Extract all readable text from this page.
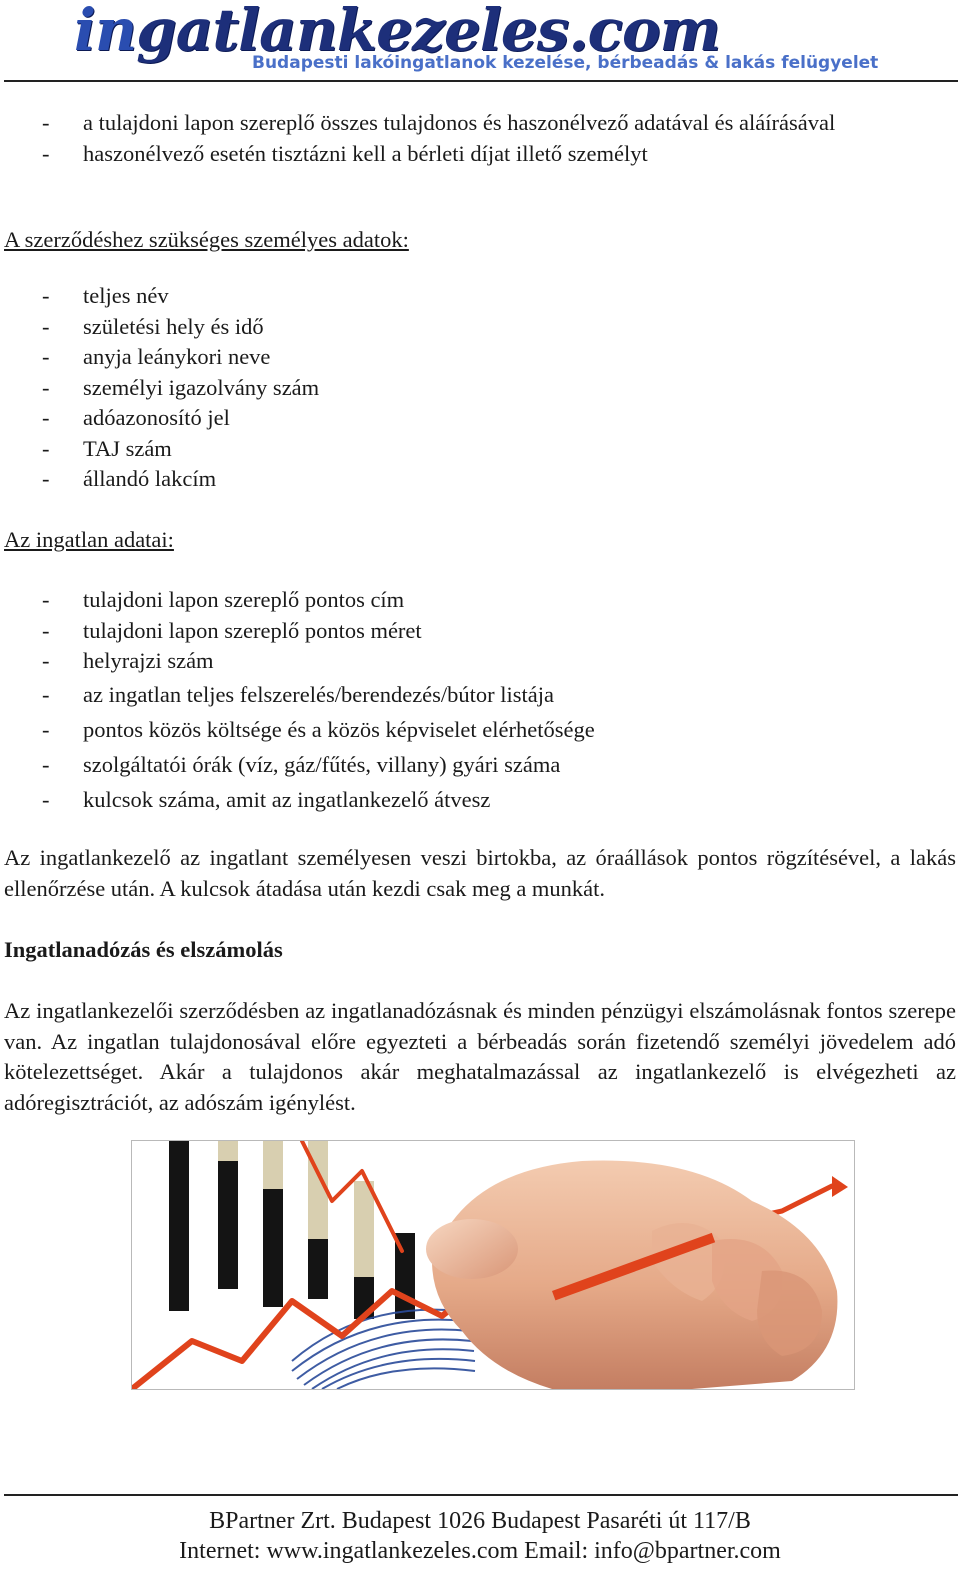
ingatlankezeles.com
Budapesti lakóingatlanok kezelése, bérbeadás & lakás felügyelet
- a tulajdoni lapon szereplő összes tulajdonos és haszonélvező adatával és aláírásával
- haszonélvező esetén tisztázni kell a bérleti díjat illető személyt
A szerződéshez szükséges személyes adatok:
- teljes név
- születési hely és idő
- anyja leánykori neve
- személyi igazolvány szám
- adóazonosító jel
- TAJ szám
- állandó lakcím
Az ingatlan adatai:
- tulajdoni lapon szereplő pontos cím
- tulajdoni lapon szereplő pontos méret
- helyrajzi szám
- az ingatlan teljes felszerelés/berendezés/bútor listája
- pontos közös költsége és a közös képviselet elérhetősége
- szolgáltatói órák (víz, gáz/fűtés, villany) gyári száma
- kulcsok száma, amit az ingatlankezelő átvesz
Az ingatlankezelő az ingatlant személyesen veszi birtokba, az óraállások pontos rögzítésével, a lakás ellenőrzése után. A kulcsok átadása után kezdi csak meg a munkát.
Ingatlanadózás és elszámolás
Az ingatlankezelői szerződésben az ingatlanadózásnak és minden pénzügyi elszámolásnak fontos szerepe van. Az ingatlan tulajdonosával előre egyezteti a bérbeadás során fizetendő személyi jövedelem adó kötelezettséget. Akár a tulajdonos akár meghatalmazással az ingatlankezelő is elvégezheti az adóregisztrációt, az adószám igénylést.
BPartner Zrt. Budapest 1026 Budapest Pasaréti út 117/B
Internet: www.ingatlankezeles.com Email: info@bpartner.com
